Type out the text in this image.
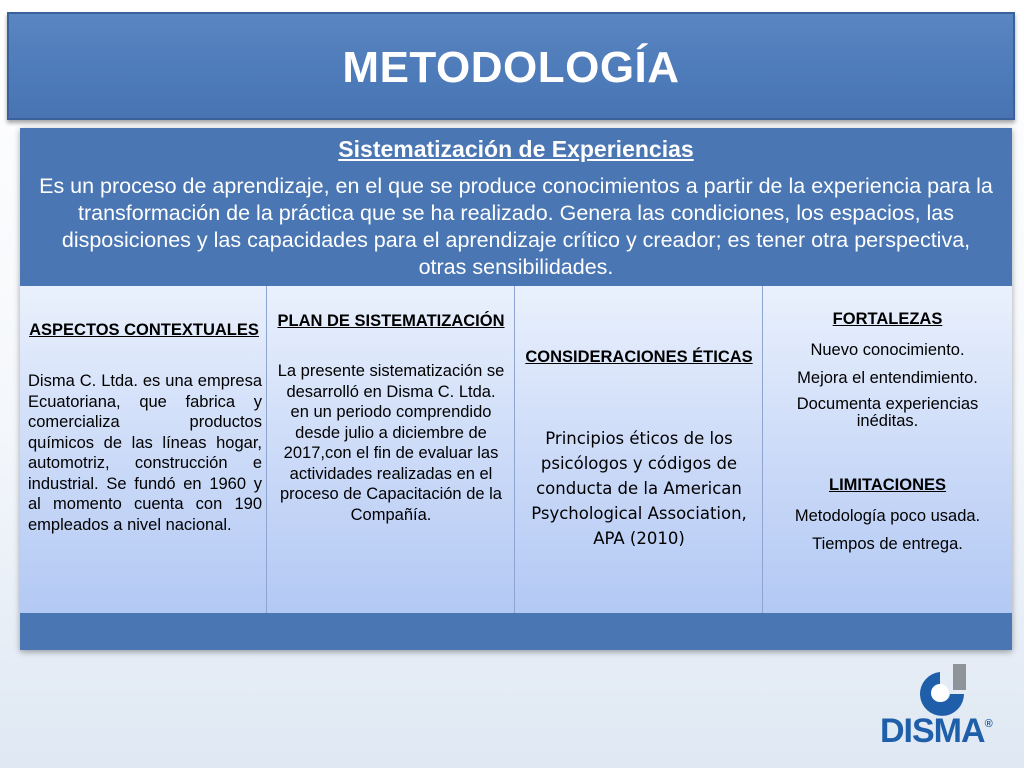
METODOLOGÍA
Sistematización de Experiencias
Es un proceso de aprendizaje, en el que se produce conocimientos a partir de la experiencia para la transformación de la práctica que se ha realizado. Genera las condiciones, los espacios, las disposiciones y las capacidades para el aprendizaje crítico y creador; es tener otra perspectiva, otras sensibilidades.
ASPECTOS CONTEXTUALES
Disma C. Ltda. es una empresa Ecuatoriana, que fabrica y comercializa productos químicos de las líneas hogar, automotriz, construcción e industrial. Se fundó en 1960 y al momento cuenta con 190 empleados a nivel nacional.
PLAN DE SISTEMATIZACIÓN
La presente sistematización se desarrolló en Disma C. Ltda. en un periodo comprendido desde julio a diciembre de 2017,con el fin de evaluar las actividades realizadas en el proceso de Capacitación de la Compañía.
CONSIDERACIONES ÉTICAS
Principios éticos de los psicólogos y códigos de conducta de la American Psychological Association, APA (2010)
FORTALEZAS
Nuevo conocimiento.
Mejora el entendimiento.
Documenta experiencias inéditas.
LIMITACIONES
Metodología poco usada.
Tiempos de entrega.
DISMA®
